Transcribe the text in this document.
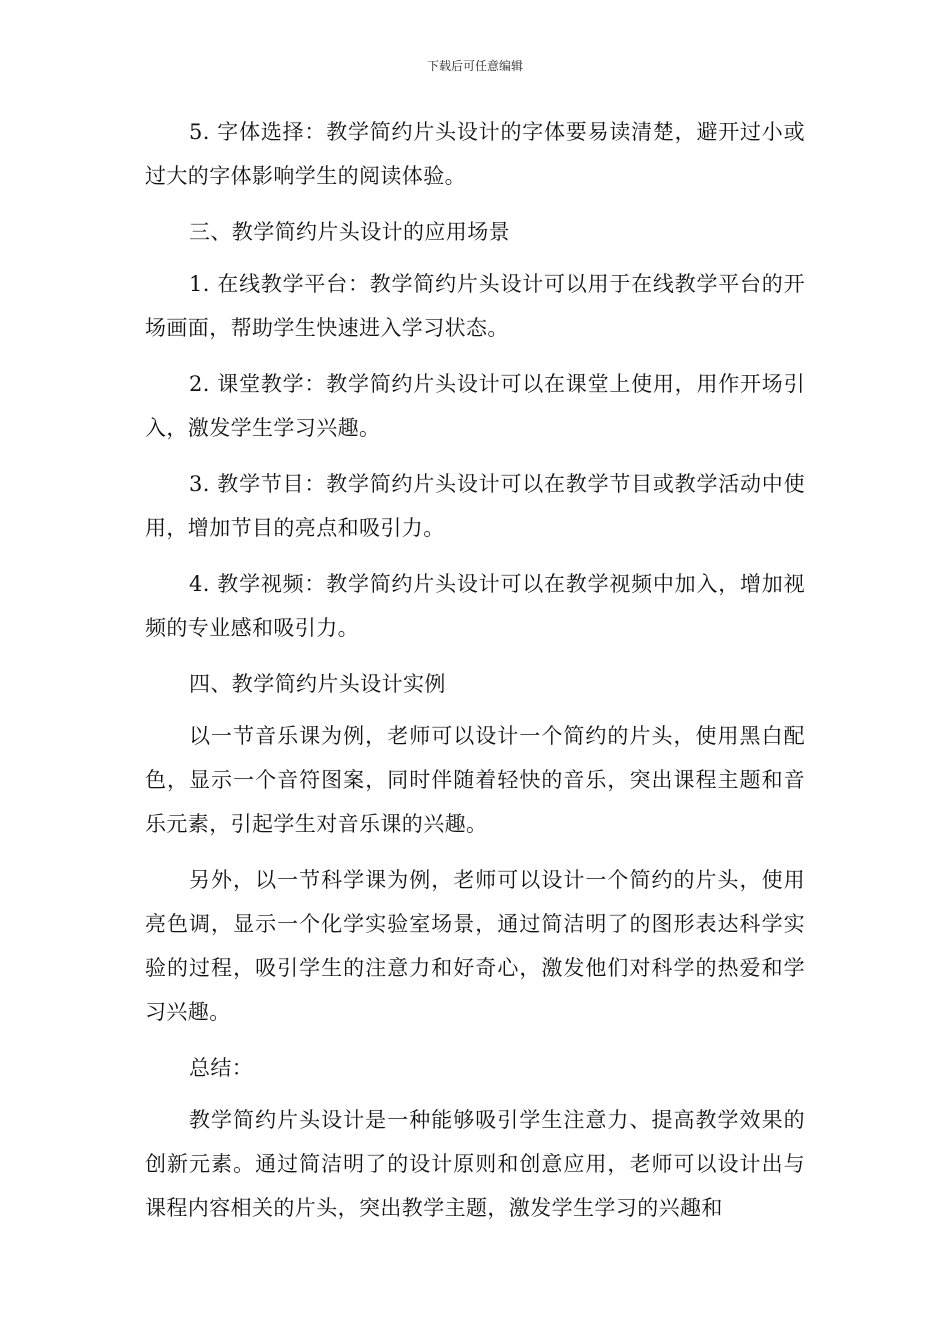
下载后可任意编辑

5. 字体选择：教学简约片头设计的字体要易读清楚，避开过小或过大的字体影响学生的阅读体验。

三、教学简约片头设计的应用场景

1. 在线教学平台：教学简约片头设计可以用于在线教学平台的开场画面，帮助学生快速进入学习状态。

2. 课堂教学：教学简约片头设计可以在课堂上使用，用作开场引入，激发学生学习兴趣。

3. 教学节目：教学简约片头设计可以在教学节目或教学活动中使用，增加节目的亮点和吸引力。

4. 教学视频：教学简约片头设计可以在教学视频中加入，增加视频的专业感和吸引力。

四、教学简约片头设计实例

以一节音乐课为例，老师可以设计一个简约的片头，使用黑白配色，显示一个音符图案，同时伴随着轻快的音乐，突出课程主题和音乐元素，引起学生对音乐课的兴趣。

另外，以一节科学课为例，老师可以设计一个简约的片头，使用亮色调，显示一个化学实验室场景，通过简洁明了的图形表达科学实验的过程，吸引学生的注意力和好奇心，激发他们对科学的热爱和学习兴趣。

总结：

教学简约片头设计是一种能够吸引学生注意力、提高教学效果的创新元素。通过简洁明了的设计原则和创意应用，老师可以设计出与课程内容相关的片头，突出教学主题，激发学生学习的兴趣和
